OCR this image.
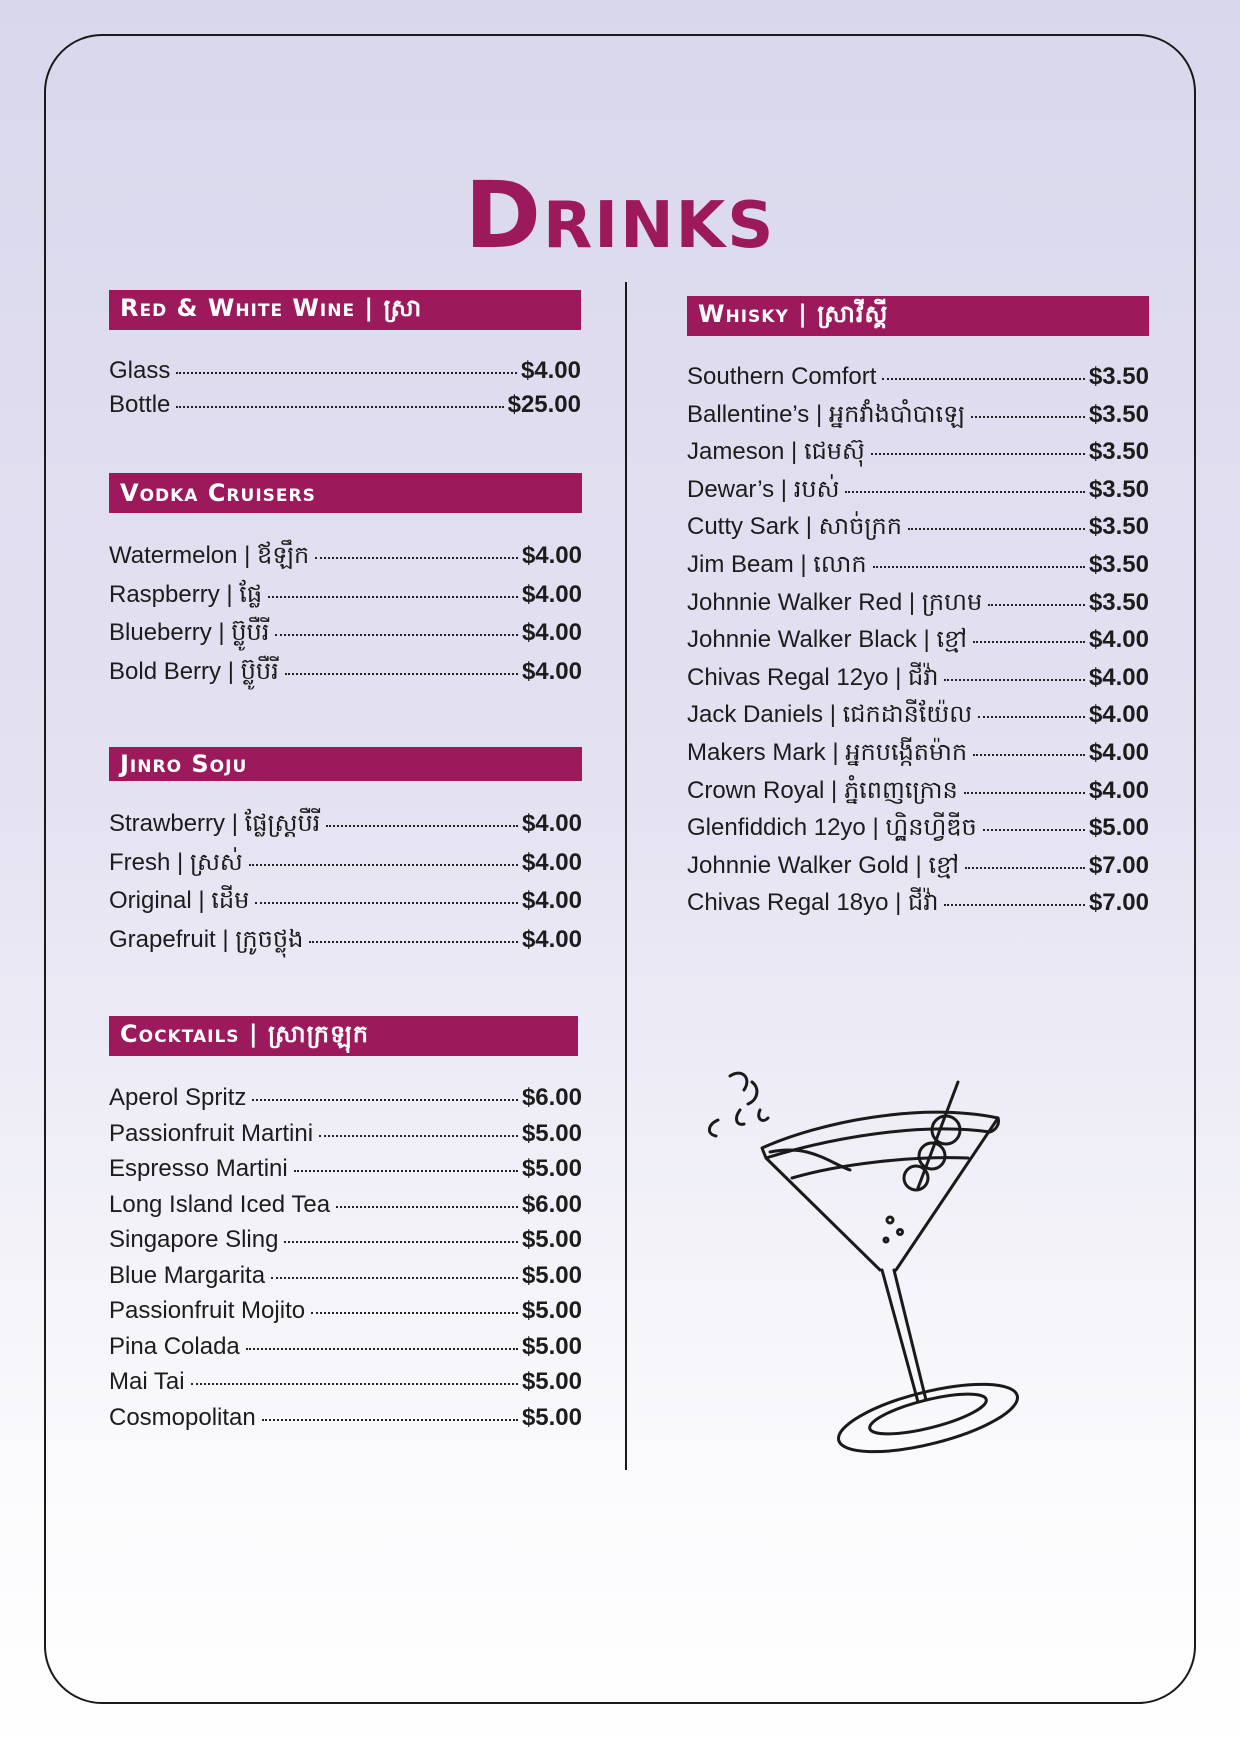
Drinks
Red & White Wine | ស្រា
Glass	$4.00
Bottle	$25.00
Vodka Cruisers
Watermelon | ឪឡឹក	$4.00
Raspberry | ផ្លែ	$4.00
Blueberry | ប៊្លូបឺរី	$4.00
Bold Berry | ប៊្លូបឺរី	$4.00
Jinro Soju
Strawberry | ផ្លែស្ត្របឺរី	$4.00
Fresh | ស្រស់	$4.00
Original | ដើម	$4.00
Grapefruit | ក្រូចថ្លុង	$4.00
Cocktails | ស្រាក្រឡុក
Aperol Spritz	$6.00
Passionfruit Martini	$5.00
Espresso Martini	$5.00
Long Island Iced Tea	$6.00
Singapore Sling	$5.00
Blue Margarita	$5.00
Passionfruit Mojito	$5.00
Pina Colada	$5.00
Mai Tai	$5.00
Cosmopolitan	$5.00
Whisky | ស្រាវីស្គី
Southern Comfort	$3.50
Ballentine’s | អ្នកវាំងបាំបាឡេ	$3.50
Jameson | ជេមស៊ុ	$3.50
Dewar’s | របស់	$3.50
Cutty Sark | សាច់ក្រក	$3.50
Jim Beam | លោក	$3.50
Johnnie Walker Red | ក្រហម	$3.50
Johnnie Walker Black | ខ្មៅ	$4.00
Chivas Regal 12yo | ជីវ៉ា	$4.00
Jack Daniels | ជេកដានីយ៉ែល	$4.00
Makers Mark | អ្នកបង្កើតម៉ាក	$4.00
Crown Royal | ភ្នំពេញក្រោន	$4.00
Glenfiddich 12yo | ហ្គ្លិនហ្វីឌីច	$5.00
Johnnie Walker Gold | ខ្មៅ	$7.00
Chivas Regal 18yo | ជីវ៉ា	$7.00
